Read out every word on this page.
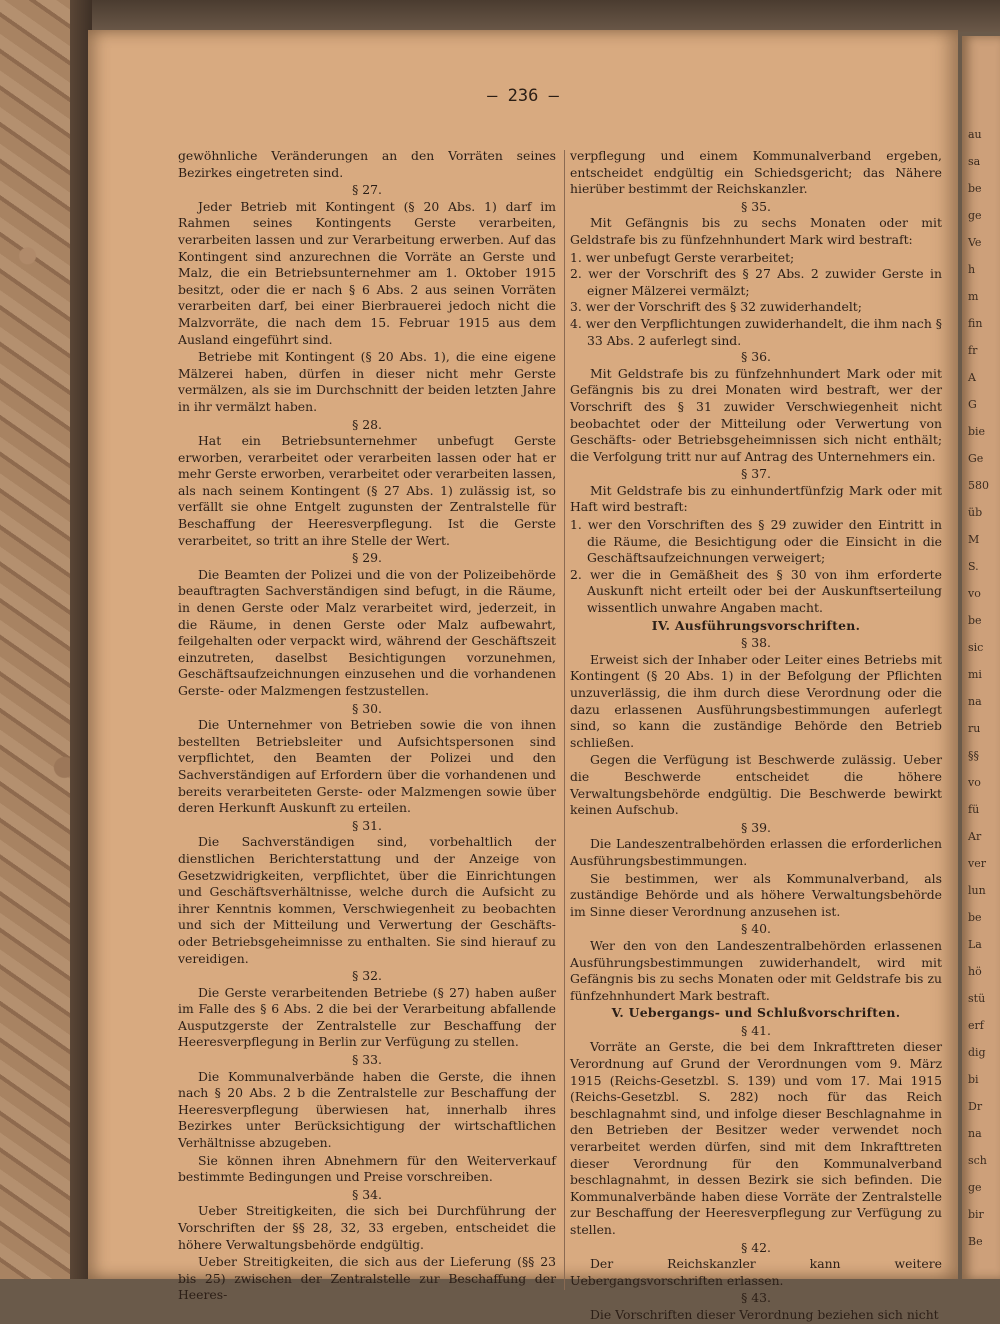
— 236 —

gewöhnliche Veränderungen an den Vorräten seines Bezirkes eingetreten sind.

§ 27.

Jeder Betrieb mit Kontingent (§ 20 Abs. 1) darf im Rahmen seines Kontingents Gerste verarbeiten, verarbeiten lassen und zur Verarbeitung erwerben. Auf das Kontingent sind anzurechnen die Vorräte an Gerste und Malz, die ein Betriebsunternehmer am 1. Oktober 1915 besitzt, oder die er nach § 6 Abs. 2 aus seinen Vorräten verarbeiten darf, bei einer Bierbrauerei jedoch nicht die Malzvorräte, die nach dem 15. Februar 1915 aus dem Ausland eingeführt sind.

Betriebe mit Kontingent (§ 20 Abs. 1), die eine eigene Mälzerei haben, dürfen in dieser nicht mehr Gerste vermälzen, als sie im Durchschnitt der beiden letzten Jahre in ihr vermälzt haben.

§ 28.

Hat ein Betriebsunternehmer unbefugt Gerste erworben, verarbeitet oder verarbeiten lassen oder hat er mehr Gerste erworben, verarbeitet oder verarbeiten lassen, als nach seinem Kontingent (§ 27 Abs. 1) zulässig ist, so verfällt sie ohne Entgelt zugunsten der Zentralstelle für Beschaffung der Heeresverpflegung. Ist die Gerste verarbeitet, so tritt an ihre Stelle der Wert.

§ 29.

Die Beamten der Polizei und die von der Polizeibehörde beauftragten Sachverständigen sind befugt, in die Räume, in denen Gerste oder Malz verarbeitet wird, jederzeit, in die Räume, in denen Gerste oder Malz aufbewahrt, feilgehalten oder verpackt wird, während der Geschäftszeit einzutreten, daselbst Besichtigungen vorzunehmen, Geschäftsaufzeichnungen einzusehen und die vorhandenen Gerste- oder Malzmengen festzustellen.

§ 30.

Die Unternehmer von Betrieben sowie die von ihnen bestellten Betriebsleiter und Aufsichtspersonen sind verpflichtet, den Beamten der Polizei und den Sachverständigen auf Erfordern über die vorhandenen und bereits verarbeiteten Gerste- oder Malzmengen sowie über deren Herkunft Auskunft zu erteilen.

§ 31.

Die Sachverständigen sind, vorbehaltlich der dienstlichen Berichterstattung und der Anzeige von Gesetzwidrigkeiten, verpflichtet, über die Einrichtungen und Geschäftsverhältnisse, welche durch die Aufsicht zu ihrer Kenntnis kommen, Verschwiegenheit zu beobachten und sich der Mitteilung und Verwertung der Geschäfts- oder Betriebsgeheimnisse zu enthalten. Sie sind hierauf zu vereidigen.

§ 32.

Die Gerste verarbeitenden Betriebe (§ 27) haben außer im Falle des § 6 Abs. 2 die bei der Verarbeitung abfallende Ausputzgerste der Zentralstelle zur Beschaffung der Heeresverpflegung in Berlin zur Verfügung zu stellen.

§ 33.

Die Kommunalverbände haben die Gerste, die ihnen nach § 20 Abs. 2 b die Zentralstelle zur Beschaffung der Heeresverpflegung überwiesen hat, innerhalb ihres Bezirkes unter Berücksichtigung der wirtschaftlichen Verhältnisse abzugeben.

Sie können ihren Abnehmern für den Weiterverkauf bestimmte Bedingungen und Preise vorschreiben.

§ 34.

Ueber Streitigkeiten, die sich bei Durchführung der Vorschriften der §§ 28, 32, 33 ergeben, entscheidet die höhere Verwaltungsbehörde endgültig.

Ueber Streitigkeiten, die sich aus der Lieferung (§§ 23 bis 25) zwischen der Zentralstelle zur Beschaffung der Heeres-

verpflegung und einem Kommunalverband ergeben, entscheidet endgültig ein Schiedsgericht; das Nähere hierüber bestimmt der Reichskanzler.

§ 35.

Mit Gefängnis bis zu sechs Monaten oder mit Geldstrafe bis zu fünfzehnhundert Mark wird bestraft:

1. wer unbefugt Gerste verarbeitet;

2. wer der Vorschrift des § 27 Abs. 2 zuwider Gerste in eigner Mälzerei vermälzt;

3. wer der Vorschrift des § 32 zuwiderhandelt;

4. wer den Verpflichtungen zuwiderhandelt, die ihm nach § 33 Abs. 2 auferlegt sind.

§ 36.

Mit Geldstrafe bis zu fünfzehnhundert Mark oder mit Gefängnis bis zu drei Monaten wird bestraft, wer der Vorschrift des § 31 zuwider Verschwiegenheit nicht beobachtet oder der Mitteilung oder Verwertung von Geschäfts- oder Betriebsgeheimnissen sich nicht enthält; die Verfolgung tritt nur auf Antrag des Unternehmers ein.

§ 37.

Mit Geldstrafe bis zu einhundertfünfzig Mark oder mit Haft wird bestraft:

1. wer den Vorschriften des § 29 zuwider den Eintritt in die Räume, die Besichtigung oder die Einsicht in die Geschäftsaufzeichnungen verweigert;

2. wer die in Gemäßheit des § 30 von ihm erforderte Auskunft nicht erteilt oder bei der Auskunftserteilung wissentlich unwahre Angaben macht.

IV. Ausführungsvorschriften.

§ 38.

Erweist sich der Inhaber oder Leiter eines Betriebs mit Kontingent (§ 20 Abs. 1) in der Befolgung der Pflichten unzuverlässig, die ihm durch diese Verordnung oder die dazu erlassenen Ausführungsbestimmungen auferlegt sind, so kann die zuständige Behörde den Betrieb schließen.

Gegen die Verfügung ist Beschwerde zulässig. Ueber die Beschwerde entscheidet die höhere Verwaltungsbehörde endgültig. Die Beschwerde bewirkt keinen Aufschub.

§ 39.

Die Landeszentralbehörden erlassen die erforderlichen Ausführungsbestimmungen.

Sie bestimmen, wer als Kommunalverband, als zuständige Behörde und als höhere Verwaltungsbehörde im Sinne dieser Verordnung anzusehen ist.

§ 40.

Wer den von den Landeszentralbehörden erlassenen Ausführungsbestimmungen zuwiderhandelt, wird mit Gefängnis bis zu sechs Monaten oder mit Geldstrafe bis zu fünfzehnhundert Mark bestraft.

V. Uebergangs- und Schlußvorschriften.

§ 41.

Vorräte an Gerste, die bei dem Inkrafttreten dieser Verordnung auf Grund der Verordnungen vom 9. März 1915 (Reichs-Gesetzbl. S. 139) und vom 17. Mai 1915 (Reichs-Gesetzbl. S. 282) noch für das Reich beschlagnahmt sind, und infolge dieser Beschlagnahme in den Betrieben der Besitzer weder verwendet noch verarbeitet werden dürfen, sind mit dem Inkrafttreten dieser Verordnung für den Kommunalverband beschlagnahmt, in dessen Bezirk sie sich befinden. Die Kommunalverbände haben diese Vorräte der Zentralstelle zur Beschaffung der Heeresverpflegung zur Verfügung zu stellen.

§ 42.

Der Reichskanzler kann weitere Uebergangsvorschriften erlassen.

§ 43.

Die Vorschriften dieser Verordnung beziehen sich nicht

au
sa
be
ge
Ve
h
m
fin
fr
A
G
bie
Ge
580
üb
M
S.
vo
be
sic
mi
na
ru
§§
vo
fü
Ar
ver
lun
be
La
hö
stü
erf
dig
bi
Dr
na
sch
ge
bir
Be
